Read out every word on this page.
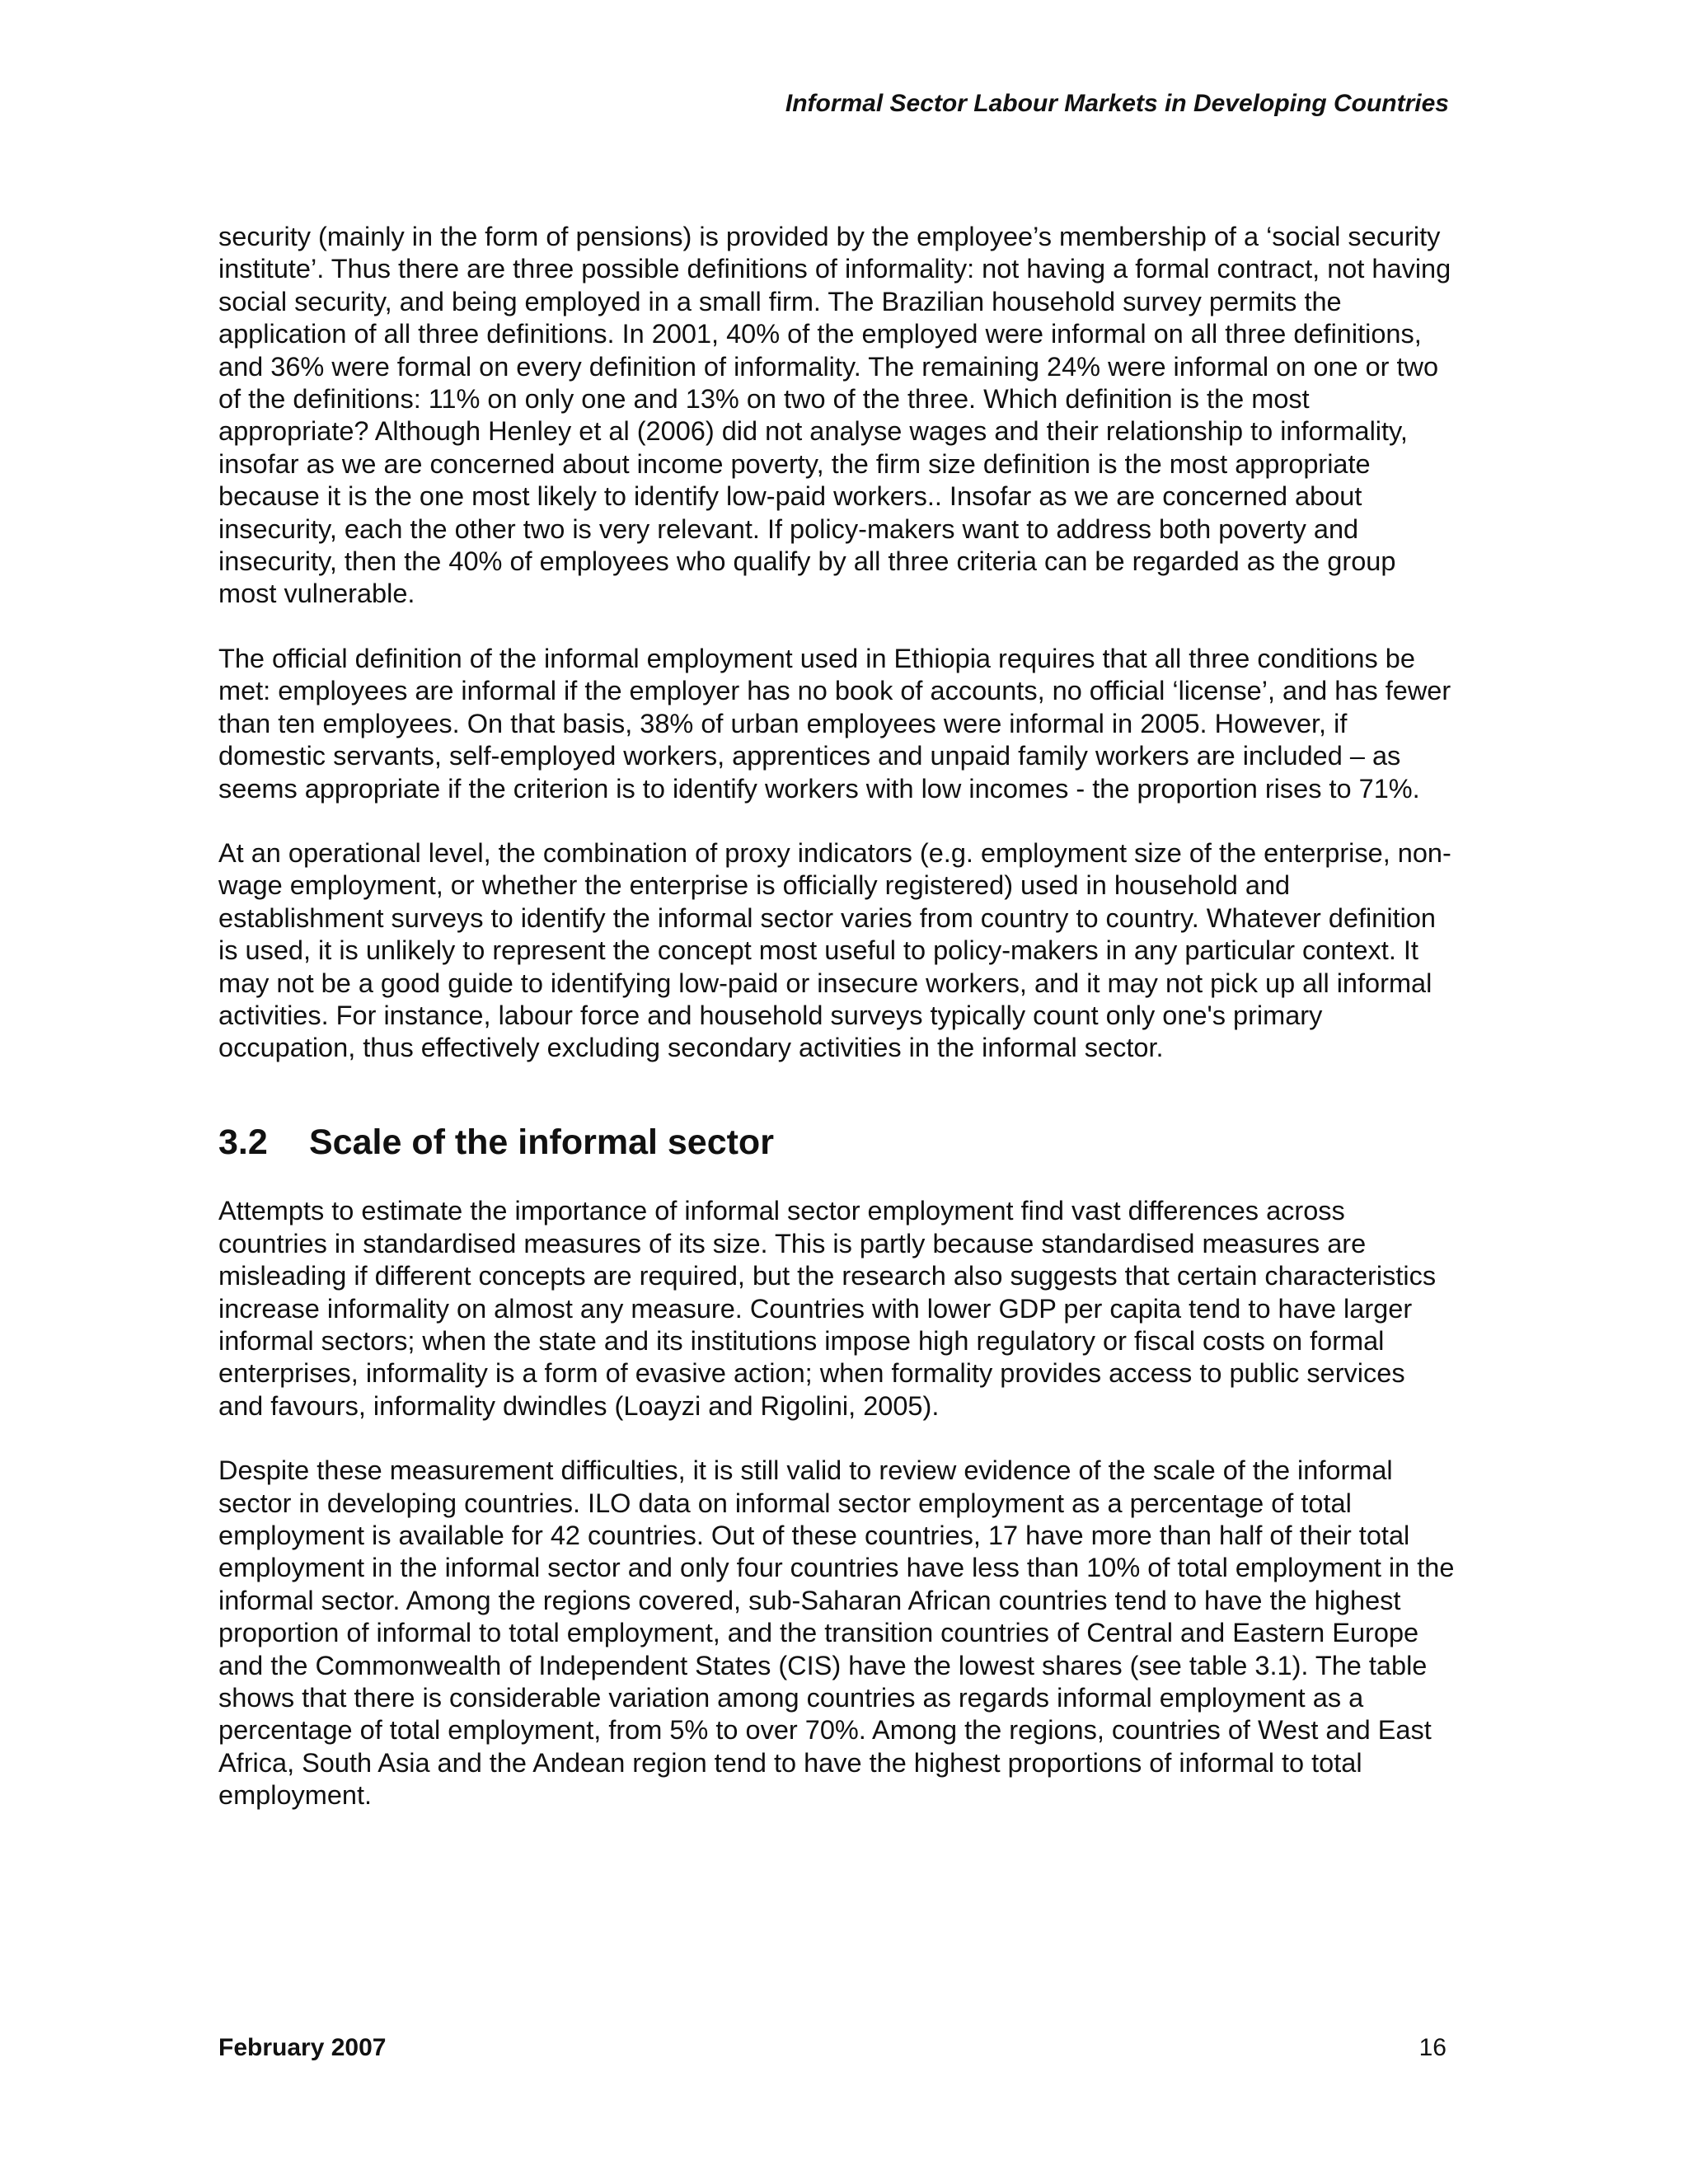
Informal Sector Labour Markets in Developing Countries

security (mainly in the form of pensions) is provided by the employee’s membership of a ‘social security institute’. Thus there are three possible definitions of informality: not having a formal contract, not having social security, and being employed in a small firm. The Brazilian household survey permits the application of all three definitions. In 2001, 40% of the employed were informal on all three definitions, and 36% were formal on every definition of informality. The remaining 24% were informal on one or two of the definitions: 11% on only one and 13% on two of the three. Which definition is the most appropriate? Although Henley et al (2006) did not analyse wages and their relationship to informality, insofar as we are concerned about income poverty, the firm size definition is the most appropriate because it is the one most likely to identify low-paid workers.. Insofar as we are concerned about insecurity, each the other two is very relevant. If policy-makers want to address both poverty and insecurity, then the 40% of employees who qualify by all three criteria can be regarded as the group most vulnerable.

The official definition of the informal employment used in Ethiopia requires that all three conditions be met: employees are informal if the employer has no book of accounts, no official ‘license’, and has fewer than ten employees. On that basis, 38% of urban employees were informal in 2005. However, if domestic servants, self-employed workers, apprentices and unpaid family workers are included – as seems appropriate if the criterion is to identify workers with low incomes - the proportion rises to 71%.

At an operational level, the combination of proxy indicators (e.g. employment size of the enterprise, non-wage employment, or whether the enterprise is officially registered) used in household and establishment surveys to identify the informal sector varies from country to country. Whatever definition is used, it is unlikely to represent the concept most useful to policy-makers in any particular context. It may not be a good guide to identifying low-paid or insecure workers, and it may not pick up all informal activities. For instance, labour force and household surveys typically count only one's primary occupation, thus effectively excluding secondary activities in the informal sector.

3.2	Scale of the informal sector

Attempts to estimate the importance of informal sector employment find vast differences across countries in standardised measures of its size. This is partly because standardised measures are misleading if different concepts are required, but the research also suggests that certain characteristics increase informality on almost any measure. Countries with lower GDP per capita tend to have larger informal sectors; when the state and its institutions impose high regulatory or fiscal costs on formal enterprises, informality is a form of evasive action; when formality provides access to public services and favours, informality dwindles (Loayzi and Rigolini, 2005).

Despite these measurement difficulties, it is still valid to review evidence of the scale of the informal sector in developing countries. ILO data on informal sector employment as a percentage of total employment is available for 42 countries. Out of these countries, 17 have more than half of their total employment in the informal sector and only four countries have less than 10% of total employment in the informal sector. Among the regions covered, sub-Saharan African countries tend to have the highest proportion of informal to total employment, and the transition countries of Central and Eastern Europe and the Commonwealth of Independent States (CIS) have the lowest shares (see table 3.1). The table shows that there is considerable variation among countries as regards informal employment as a percentage of total employment, from 5% to over 70%. Among the regions, countries of West and East Africa, South Asia and the Andean region tend to have the highest proportions of informal to total employment.

February 2007	16
